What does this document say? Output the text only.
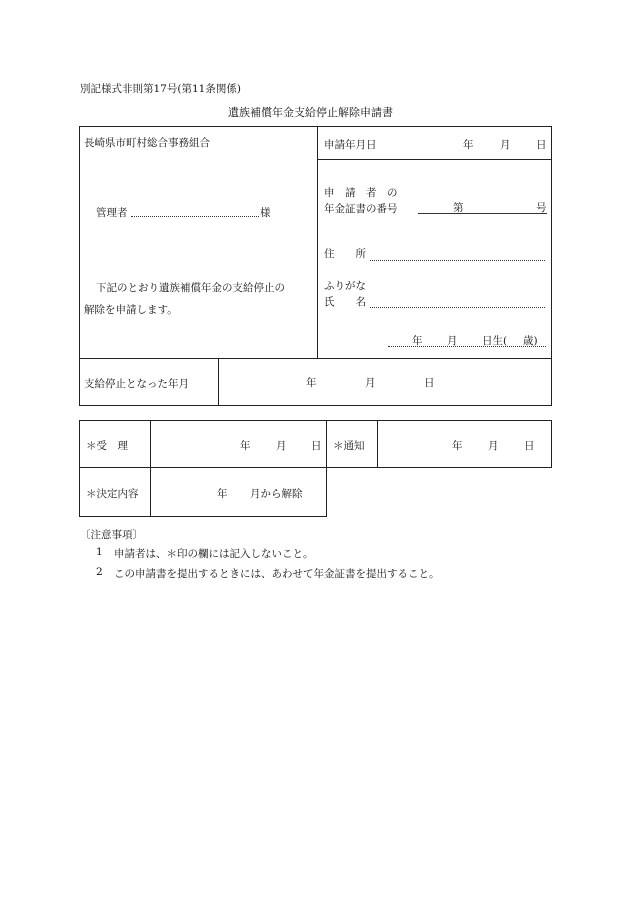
別記様式非則第17号(第11条関係)
遺族補償年金支給停止解除申請書
長崎県市町村総合事務組合
管理者	様
下記のとおり遺族補償年金の支給停止の
解除を申請します。
申請年月日	年	月 日
申　請　者　の
年金証書の番号	第	号
住　　所
ふりがな
氏　　名
年 月 日生( 歳)
支給停止となった年月	年	月	日
＊受　理	年 月 日 ＊通知	年 月 日
＊決定内容	年 月から解除
〔注意事項〕
1 申請者は、＊印の欄には記入しないこと。
2 この申請書を提出するときには、あわせて年金証書を提出すること。
